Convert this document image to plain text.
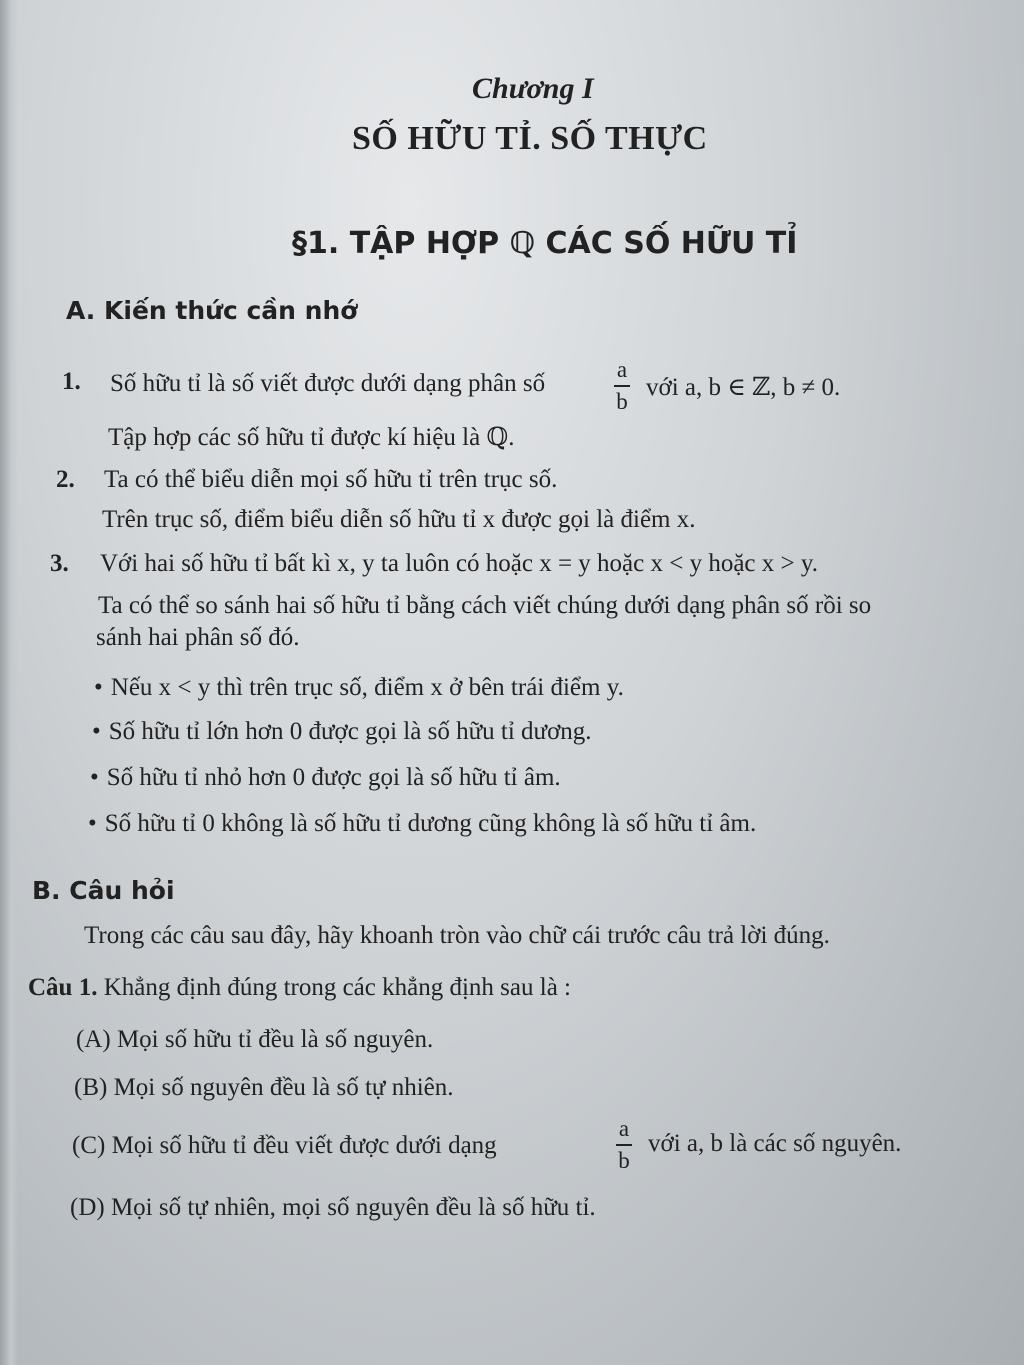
Chương I
SỐ HỮU TỈ. SỐ THỰC
§1. TẬP HỢP ℚ CÁC SỐ HỮU TỈ
A. Kiến thức cần nhớ
1. Số hữu tỉ là số viết được dưới dạng phân số
a
b với a, b ∈ ℤ, b ≠ 0.
Tập hợp các số hữu tỉ được kí hiệu là ℚ.
2. Ta có thể biểu diễn mọi số hữu tỉ trên trục số.
Trên trục số, điểm biểu diễn số hữu tỉ x được gọi là điểm x.
3. Với hai số hữu tỉ bất kì x, y ta luôn có hoặc x = y hoặc x < y hoặc x > y.
Ta có thể so sánh hai số hữu tỉ bằng cách viết chúng dưới dạng phân số rồi so
sánh hai phân số đó.
• Nếu x < y thì trên trục số, điểm x ở bên trái điểm y.
• Số hữu tỉ lớn hơn 0 được gọi là số hữu tỉ dương.
• Số hữu tỉ nhỏ hơn 0 được gọi là số hữu tỉ âm.
• Số hữu tỉ 0 không là số hữu tỉ dương cũng không là số hữu tỉ âm.
B. Câu hỏi
Trong các câu sau đây, hãy khoanh tròn vào chữ cái trước câu trả lời đúng.
Câu 1. Khẳng định đúng trong các khẳng định sau là :
(A) Mọi số hữu tỉ đều là số nguyên.
(B) Mọi số nguyên đều là số tự nhiên.
(C) Mọi số hữu tỉ đều viết được dưới dạng
a
b
với a, b là các số nguyên.
(D) Mọi số tự nhiên, mọi số nguyên đều là số hữu tỉ.
